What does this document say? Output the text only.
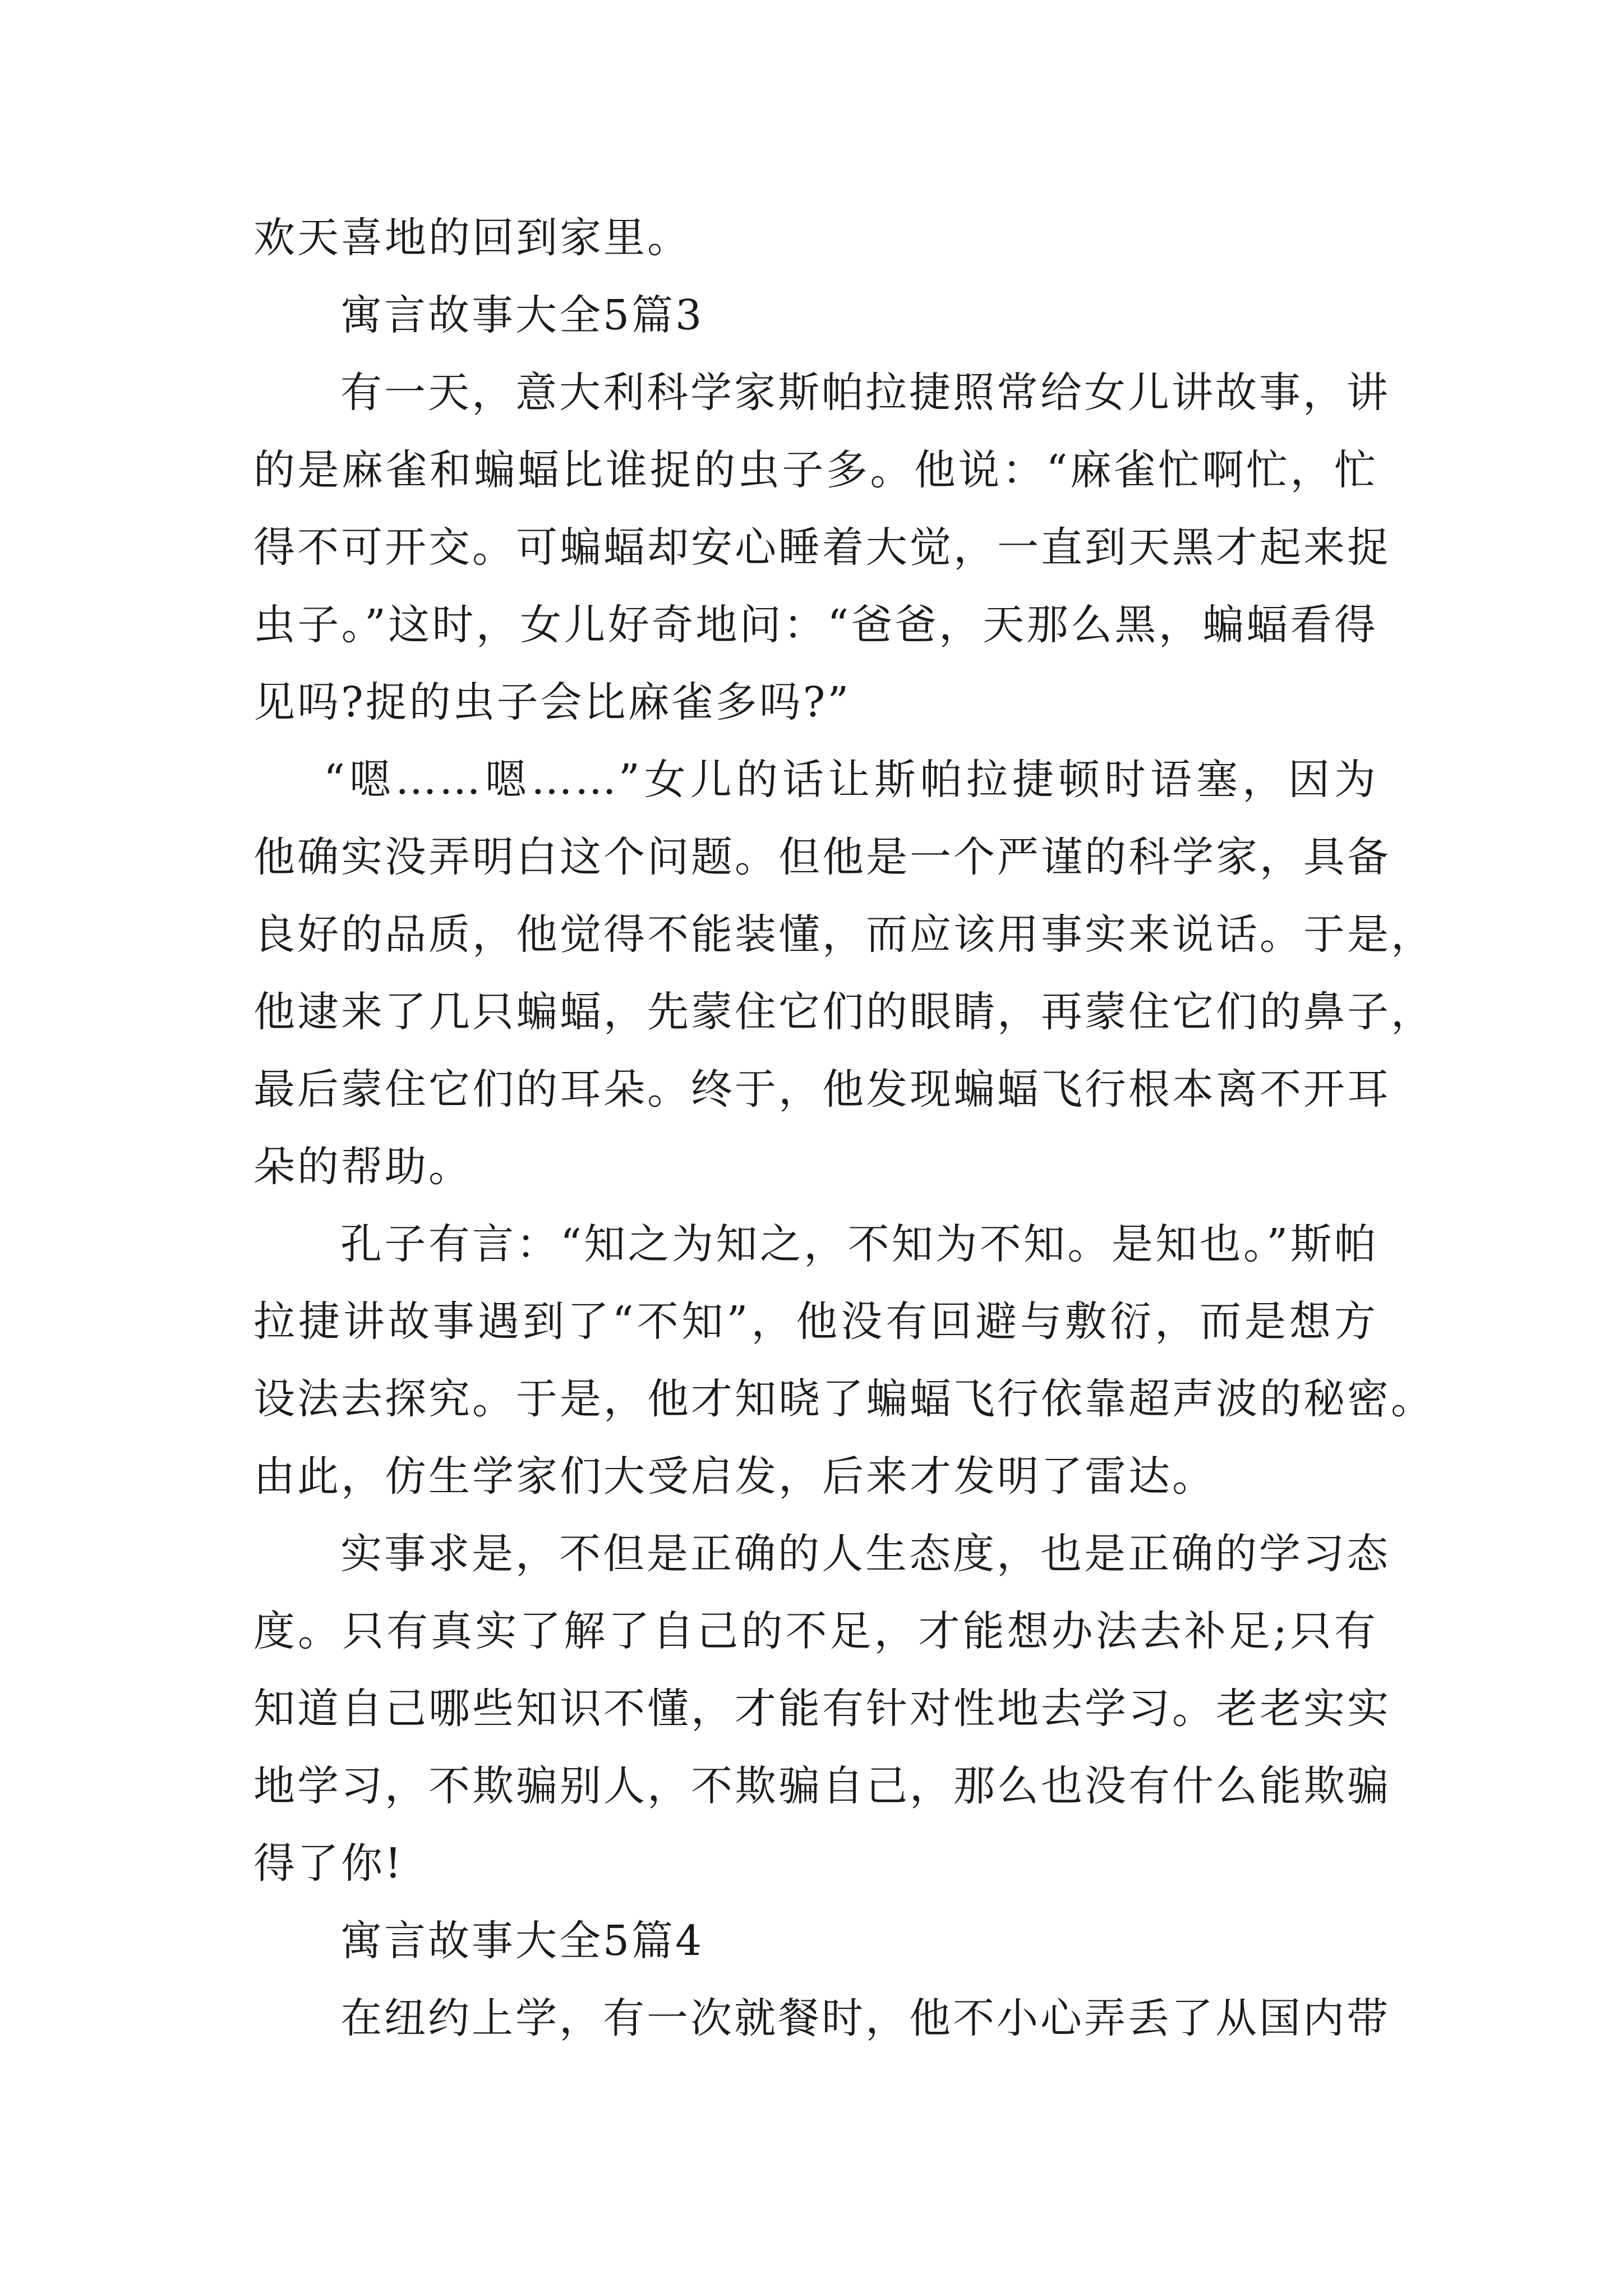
欢天喜地的回到家里。
寓言故事大全5篇3
有一天，意大利科学家斯帕拉捷照常给女儿讲故事，讲
的是麻雀和蝙蝠比谁捉的虫子多。他说：“麻雀忙啊忙，忙
得不可开交。可蝙蝠却安心睡着大觉，一直到天黑才起来捉
虫子。”这时，女儿好奇地问：“爸爸，天那么黑，蝙蝠看得
见吗?捉的虫子会比麻雀多吗?”
“嗯……嗯……”女儿的话让斯帕拉捷顿时语塞，因为
他确实没弄明白这个问题。但他是一个严谨的科学家，具备
良好的品质，他觉得不能装懂，而应该用事实来说话。于是，
他逮来了几只蝙蝠，先蒙住它们的眼睛，再蒙住它们的鼻子，
最后蒙住它们的耳朵。终于，他发现蝙蝠飞行根本离不开耳
朵的帮助。
孔子有言：“知之为知之，不知为不知。是知也。”斯帕
拉捷讲故事遇到了“不知”，他没有回避与敷衍，而是想方
设法去探究。于是，他才知晓了蝙蝠飞行依靠超声波的秘密。
由此，仿生学家们大受启发，后来才发明了雷达。
实事求是，不但是正确的人生态度，也是正确的学习态
度。只有真实了解了自己的不足，才能想办法去补足;只有
知道自己哪些知识不懂，才能有针对性地去学习。老老实实
地学习，不欺骗别人，不欺骗自己，那么也没有什么能欺骗
得了你!
寓言故事大全5篇4
在纽约上学，有一次就餐时，他不小心弄丢了从国内带
